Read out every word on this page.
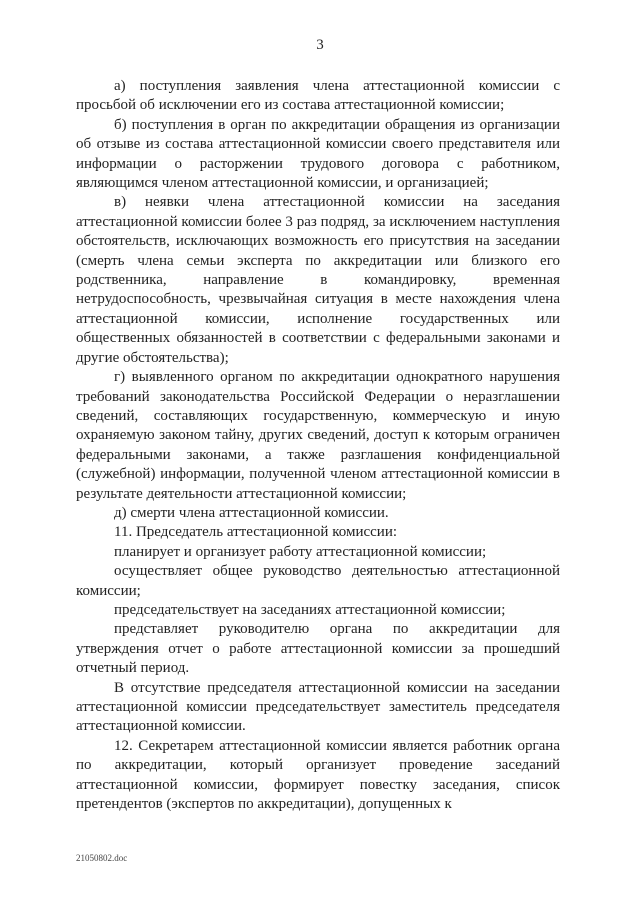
3

а) поступления заявления члена аттестационной комиссии с просьбой об исключении его из состава аттестационной комиссии;

б) поступления в орган по аккредитации обращения из организации об отзыве из состава аттестационной комиссии своего представителя или информации о расторжении трудового договора с работником, являющимся членом аттестационной комиссии, и организацией;

в) неявки члена аттестационной комиссии на заседания аттестационной комиссии более 3 раз подряд, за исключением наступления обстоятельств, исключающих возможность его присутствия на заседании (смерть члена семьи эксперта по аккредитации или близкого его родственника, направление в командировку, временная нетрудоспособность, чрезвычайная ситуация в месте нахождения члена аттестационной комиссии, исполнение государственных или общественных обязанностей в соответствии с федеральными законами и другие обстоятельства);

г) выявленного органом по аккредитации однократного нарушения требований законодательства Российской Федерации о неразглашении сведений, составляющих государственную, коммерческую и иную охраняемую законом тайну, других сведений, доступ к которым ограничен федеральными законами, а также разглашения конфиденциальной (служебной) информации, полученной членом аттестационной комиссии в результате деятельности аттестационной комиссии;

д) смерти члена аттестационной комиссии.

11. Председатель аттестационной комиссии:

планирует и организует работу аттестационной комиссии;

осуществляет общее руководство деятельностью аттестационной комиссии;

председательствует на заседаниях аттестационной комиссии;

представляет руководителю органа по аккредитации для утверждения отчет о работе аттестационной комиссии за прошедший отчетный период.

В отсутствие председателя аттестационной комиссии на заседании аттестационной комиссии председательствует заместитель председателя аттестационной комиссии.

12. Секретарем аттестационной комиссии является работник органа по аккредитации, который организует проведение заседаний аттестационной комиссии, формирует повестку заседания, список претендентов (экспертов по аккредитации), допущенных к

21050802.doc
